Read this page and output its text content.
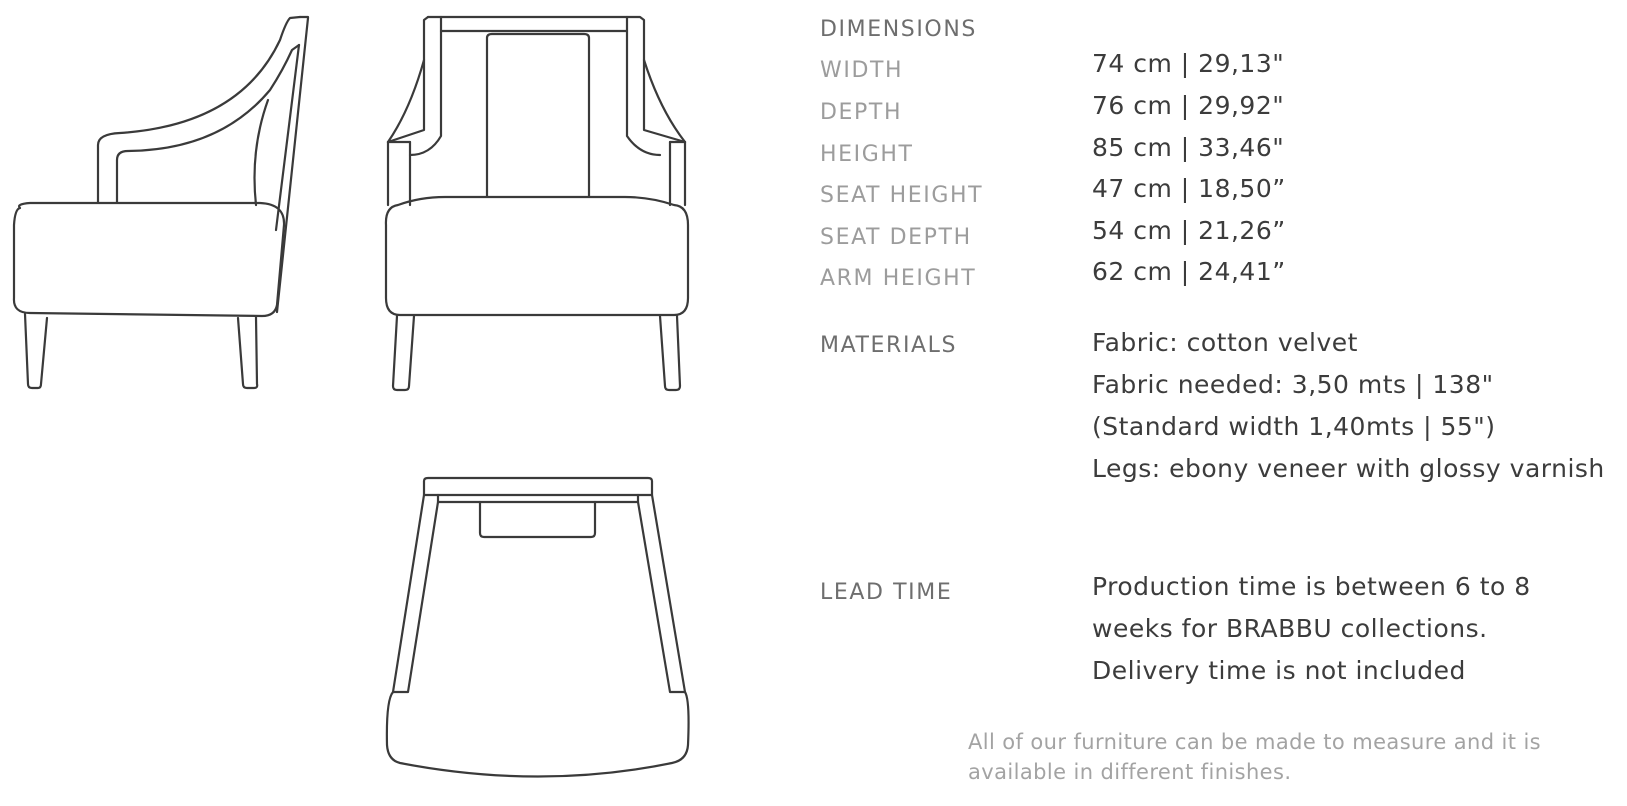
DIMENSIONS
WIDTH	74 cm | 29,13"
DEPTH	76 cm | 29,92"
HEIGHT	85 cm | 33,46"
SEAT HEIGHT	47 cm | 18,50”
SEAT DEPTH	54 cm | 21,26”
ARM HEIGHT	62 cm | 24,41”
MATERIALS	Fabric: cotton velvet
Fabric needed: 3,50 mts | 138"
(Standard width 1,40mts | 55")
Legs: ebony veneer with glossy varnish
LEAD TIME	Production time is between 6 to 8
weeks for BRABBU collections.
Delivery time is not included
All of our furniture can be made to measure and it is
available in different finishes.
